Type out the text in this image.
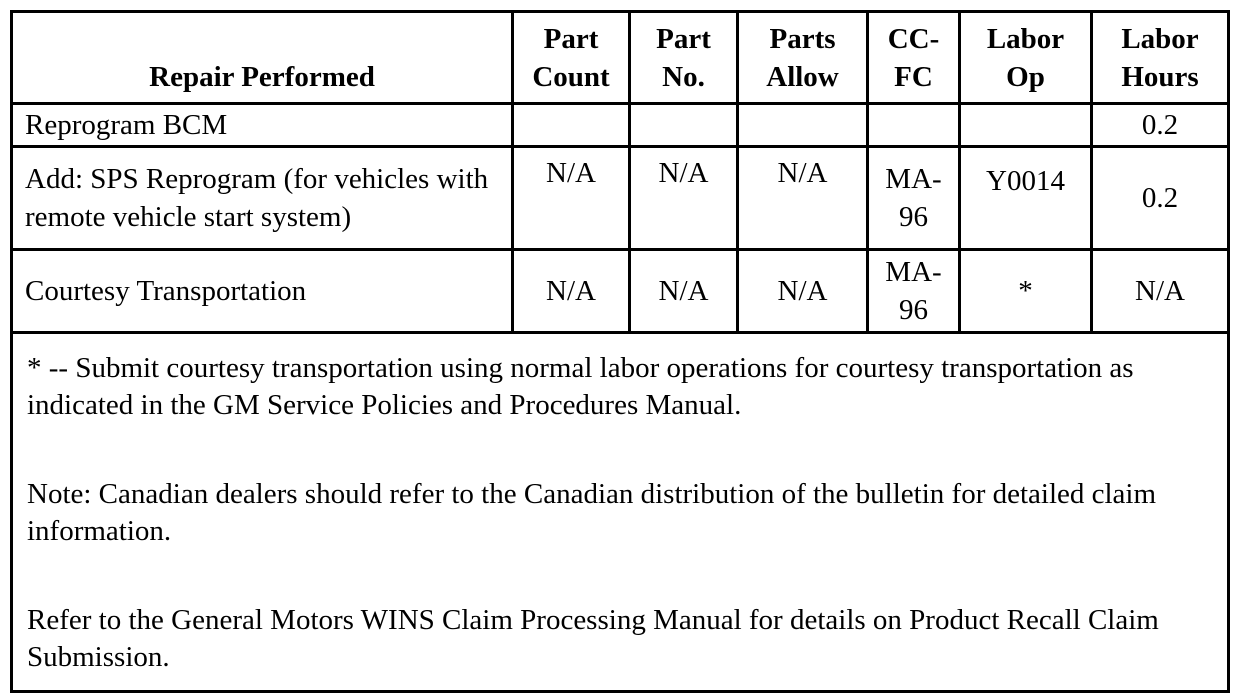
Repair Performed	Part Count	Part No.	Parts Allow	CC-FC	Labor Op	Labor Hours
Reprogram BCM						0.2
Add: SPS Reprogram (for vehicles with remote vehicle start system)	N/A	N/A	N/A	MA-96	Y0014	0.2
Courtesy Transportation	N/A	N/A	N/A	MA-96	*	N/A

* -- Submit courtesy transportation using normal labor operations for courtesy transportation as indicated in the GM Service Policies and Procedures Manual.

Note: Canadian dealers should refer to the Canadian distribution of the bulletin for detailed claim information.

Refer to the General Motors WINS Claim Processing Manual for details on Product Recall Claim Submission.						
